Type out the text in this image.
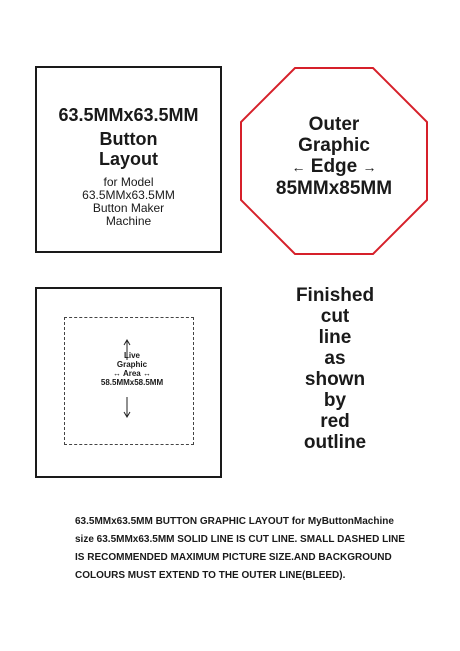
63.5MMx63.5MM
Button
Layout
for Model
63.5MMx63.5MM
Button Maker
Machine
Outer
Graphic
← Edge →
85MMx85MM
Live
Graphic
↔ Area ↔
58.5MMx58.5MM
Finished
cut
line
as
shown
by
red
outline
63.5MMx63.5MM BUTTON GRAPHIC LAYOUT for MyButtonMachine
size 63.5MMx63.5MM SOLID LINE IS CUT LINE. SMALL DASHED LINE
IS RECOMMENDED MAXIMUM PICTURE SIZE.AND BACKGROUND
COLOURS MUST EXTEND TO THE OUTER LINE(BLEED).
